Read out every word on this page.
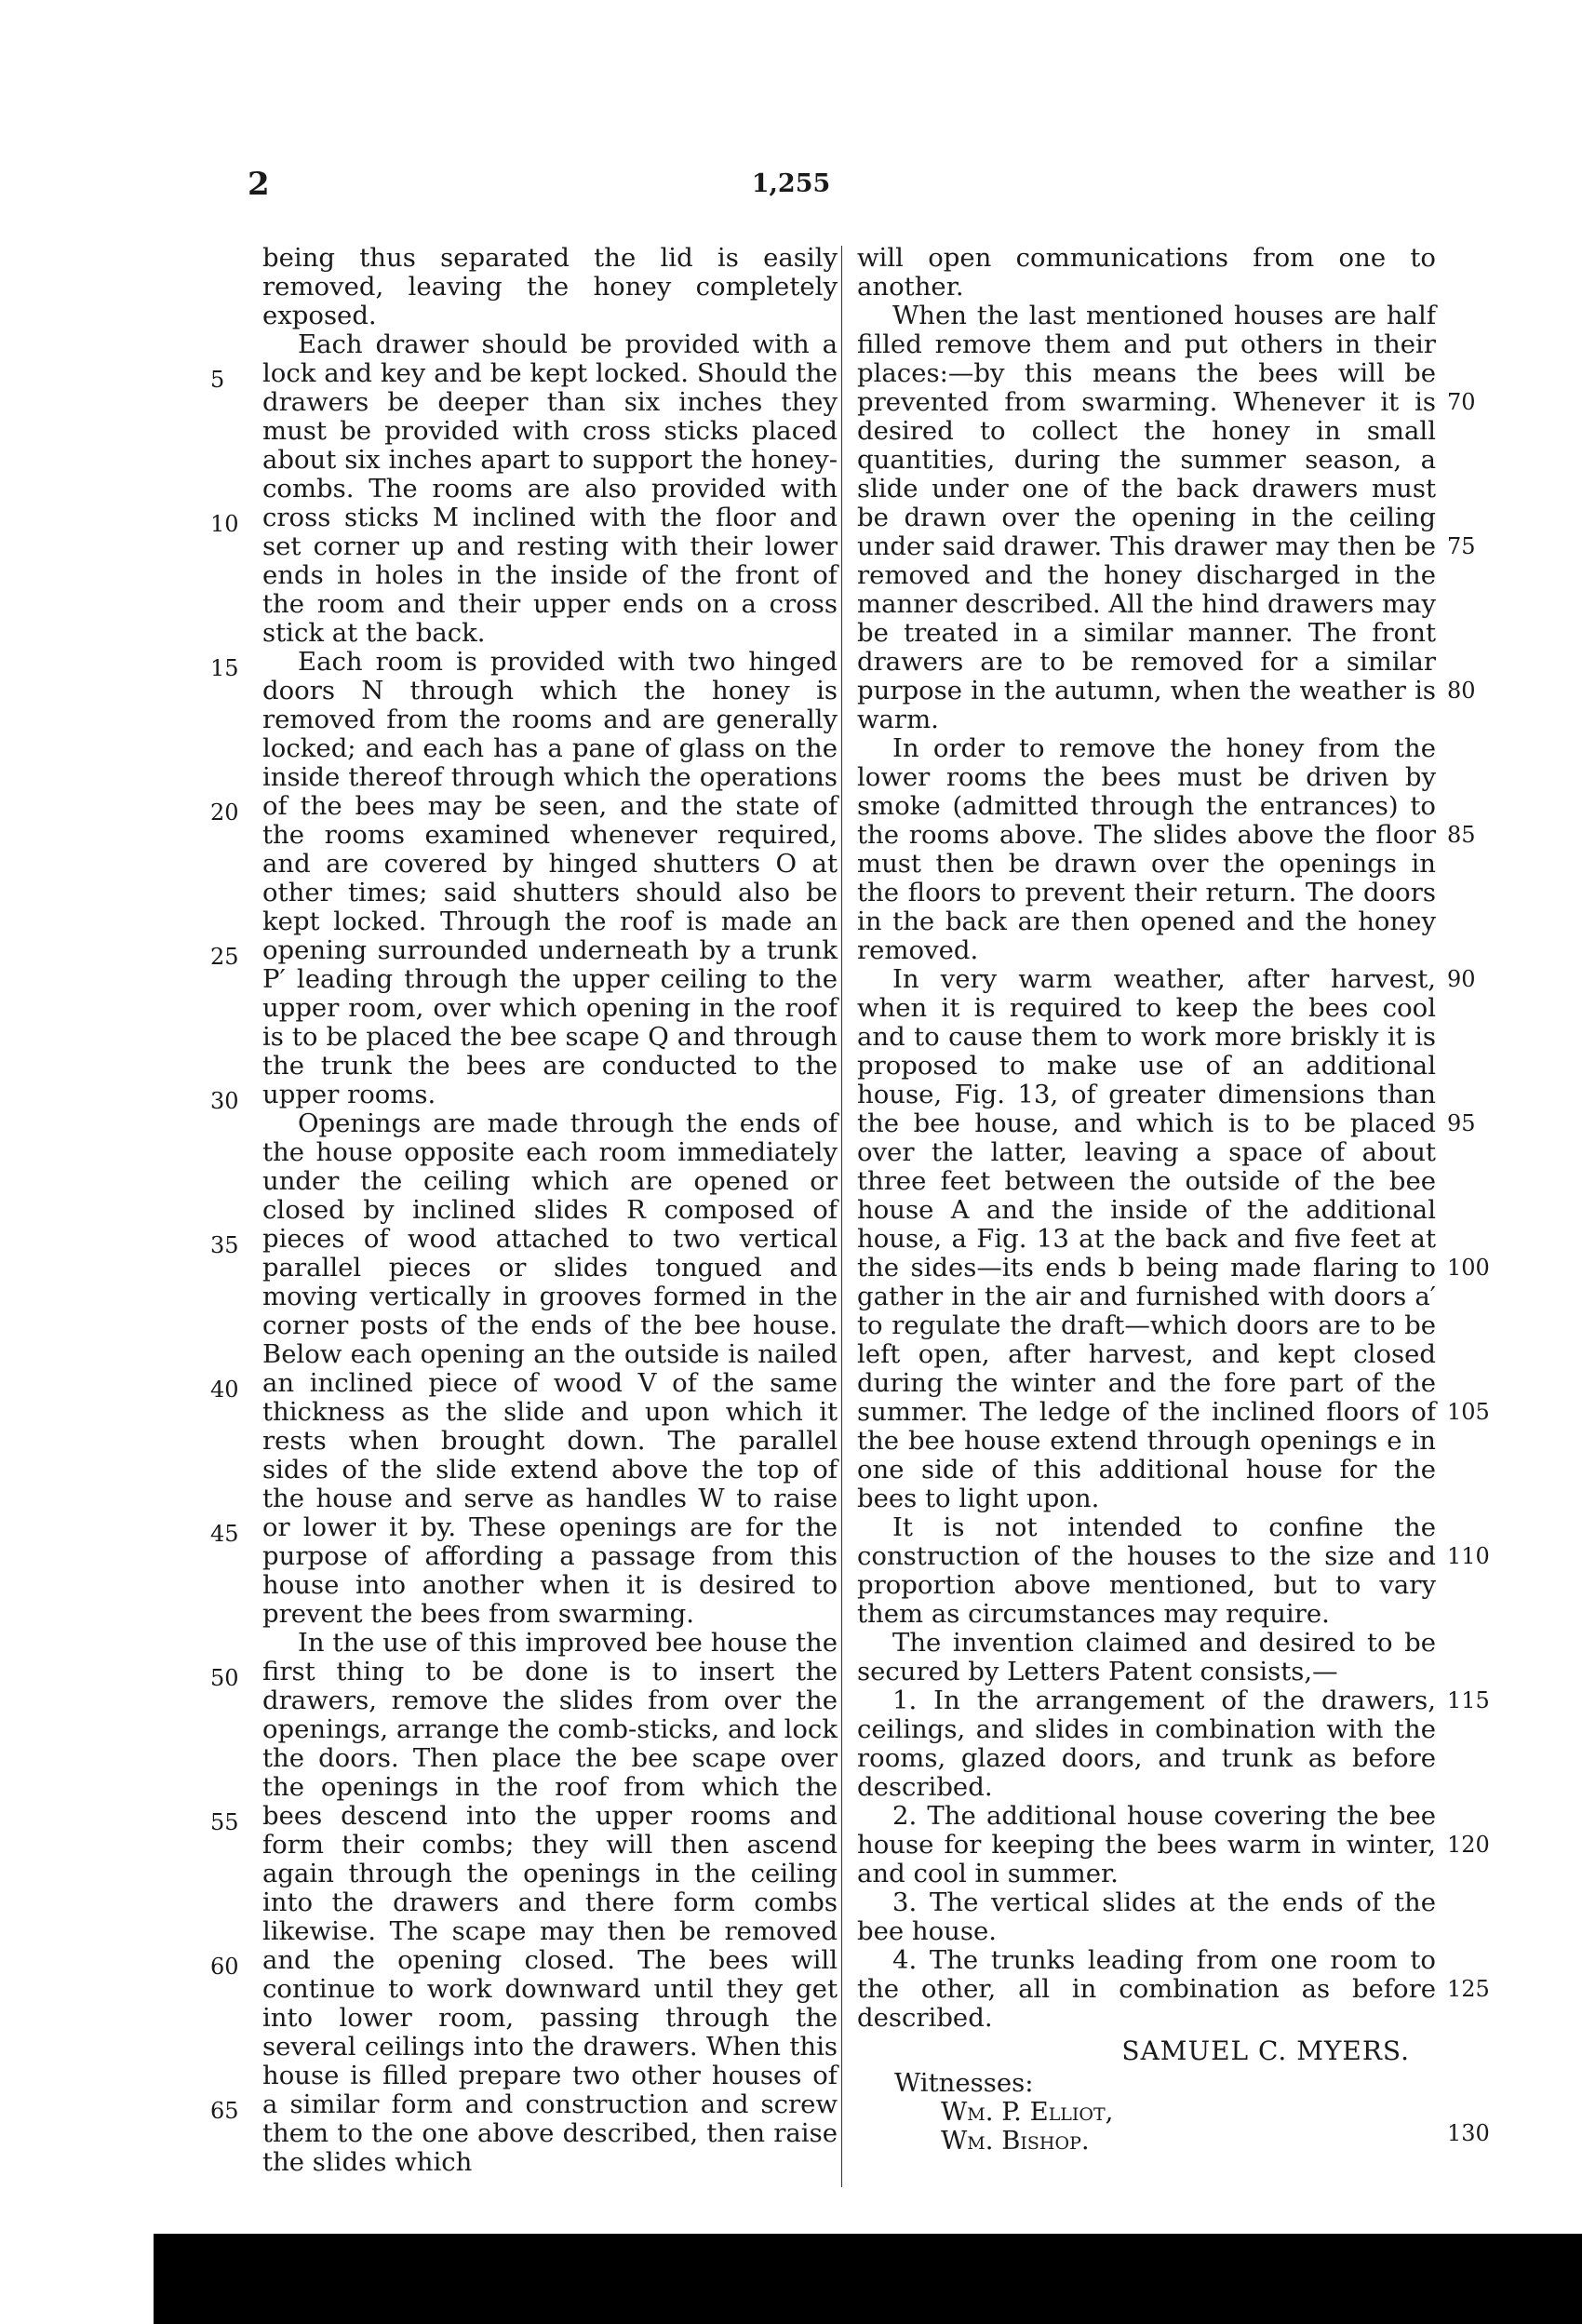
2	1,255

being thus separated the lid is easily removed, leaving the honey completely exposed.

Each drawer should be provided with a lock and key and be kept locked. Should the drawers be deeper than six inches they must be provided with cross sticks placed about six inches apart to support the honey-combs. The rooms are also provided with cross sticks M inclined with the floor and set corner up and resting with their lower ends in holes in the inside of the front of the room and their upper ends on a cross stick at the back.

Each room is provided with two hinged doors N through which the honey is removed from the rooms and are generally locked; and each has a pane of glass on the inside thereof through which the operations of the bees may be seen, and the state of the rooms examined whenever required, and are covered by hinged shutters O at other times; said shutters should also be kept locked. Through the roof is made an opening surrounded underneath by a trunk P′ leading through the upper ceiling to the upper room, over which opening in the roof is to be placed the bee scape Q and through the trunk the bees are conducted to the upper rooms.

Openings are made through the ends of the house opposite each room immediately under the ceiling which are opened or closed by inclined slides R composed of pieces of wood attached to two vertical parallel pieces or slides tongued and moving vertically in grooves formed in the corner posts of the ends of the bee house. Below each opening an the outside is nailed an inclined piece of wood V of the same thickness as the slide and upon which it rests when brought down. The parallel sides of the slide extend above the top of the house and serve as handles W to raise or lower it by. These openings are for the purpose of affording a passage from this house into another when it is desired to prevent the bees from swarming.

In the use of this improved bee house the first thing to be done is to insert the drawers, remove the slides from over the openings, arrange the comb-sticks, and lock the doors. Then place the bee scape over the openings in the roof from which the bees descend into the upper rooms and form their combs; they will then ascend again through the openings in the ceiling into the drawers and there form combs likewise. The scape may then be removed and the opening closed. The bees will continue to work downward until they get into lower room, passing through the several ceilings into the drawers. When this house is filled prepare two other houses of a similar form and construction and screw them to the one above described, then raise the slides which

will open communications from one to another.

When the last mentioned houses are half filled remove them and put others in their places:—by this means the bees will be prevented from swarming. Whenever it is desired to collect the honey in small quantities, during the summer season, a slide under one of the back drawers must be drawn over the opening in the ceiling under said drawer. This drawer may then be removed and the honey discharged in the manner described. All the hind drawers may be treated in a similar manner. The front drawers are to be removed for a similar purpose in the autumn, when the weather is warm.

In order to remove the honey from the lower rooms the bees must be driven by smoke (admitted through the entrances) to the rooms above. The slides above the floor must then be drawn over the openings in the floors to prevent their return. The doors in the back are then opened and the honey removed.

In very warm weather, after harvest, when it is required to keep the bees cool and to cause them to work more briskly it is proposed to make use of an additional house, Fig. 13, of greater dimensions than the bee house, and which is to be placed over the latter, leaving a space of about three feet between the outside of the bee house A and the inside of the additional house, a Fig. 13 at the back and five feet at the sides—its ends b being made flaring to gather in the air and furnished with doors a′ to regulate the draft—which doors are to be left open, after harvest, and kept closed during the winter and the fore part of the summer. The ledge of the inclined floors of the bee house extend through openings e in one side of this additional house for the bees to light upon.

It is not intended to confine the construction of the houses to the size and proportion above mentioned, but to vary them as circumstances may require.

The invention claimed and desired to be secured by Letters Patent consists,—

1. In the arrangement of the drawers, ceilings, and slides in combination with the rooms, glazed doors, and trunk as before described.

2. The additional house covering the bee house for keeping the bees warm in winter, and cool in summer.

3. The vertical slides at the ends of the bee house.

4. The trunks leading from one room to the other, all in combination as before described.

SAMUEL C. MYERS.
Witnesses:
Wm. P. Elliot,
Wm. Bishop.
5
10
15
20
25
30
35
40
45
50
55
60
65
70
75
80
85
90
95
100
105
110
115
120
125
130
